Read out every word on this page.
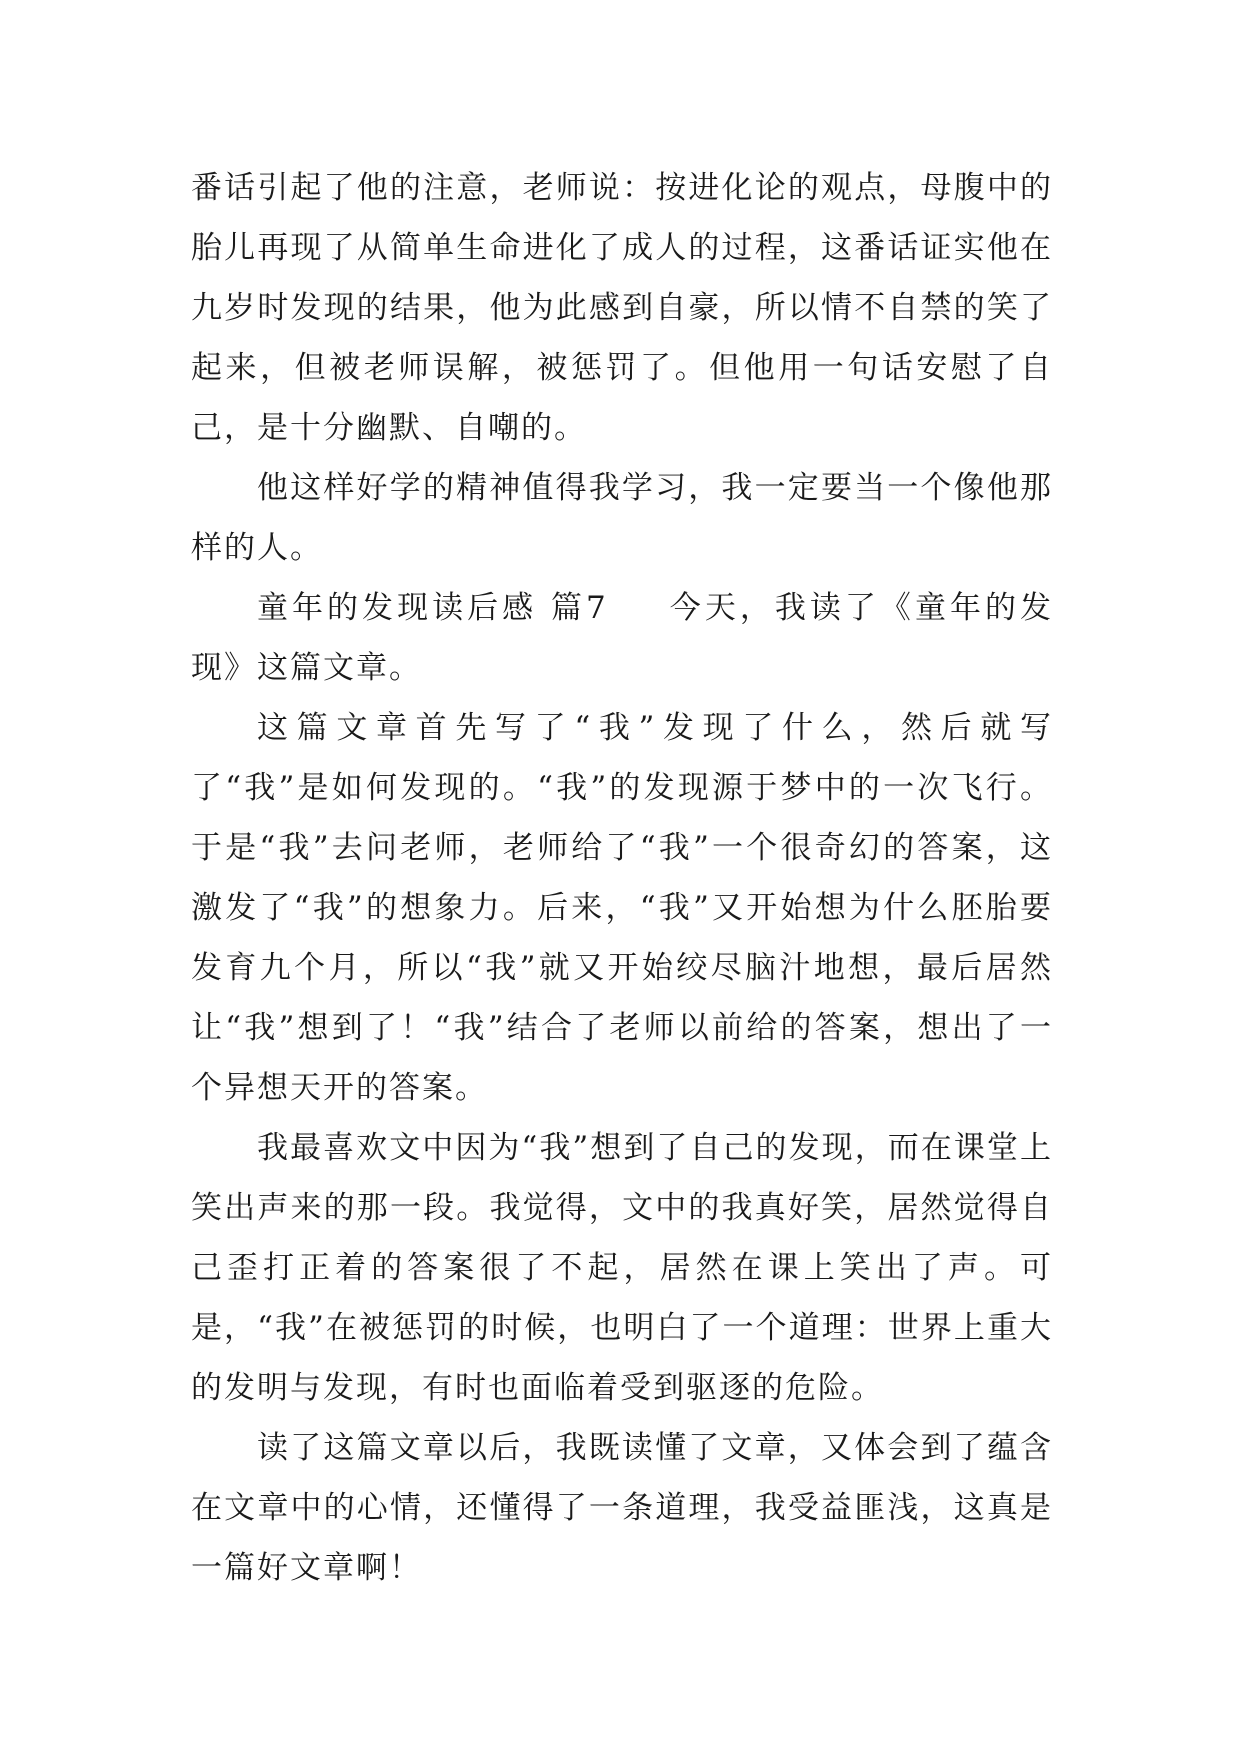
番话引起了他的注意，老师说：按进化论的观点，母腹中的胎儿再现了从简单生命进化了成人的过程，这番话证实他在九岁时发现的结果，他为此感到自豪，所以情不自禁的笑了起来，但被老师误解，被惩罚了。但他用一句话安慰了自己，是十分幽默、自嘲的。

他这样好学的精神值得我学习，我一定要当一个像他那样的人。

童年的发现读后感 篇7 今天，我读了《童年的发现》这篇文章。

这篇文章首先写了“我”发现了什么，然后就写了“我”是如何发现的。“我”的发现源于梦中的一次飞行。于是“我”去问老师，老师给了“我”一个很奇幻的答案，这激发了“我”的想象力。后来，“我”又开始想为什么胚胎要发育九个月，所以“我”就又开始绞尽脑汁地想，最后居然让“我”想到了！“我”结合了老师以前给的答案，想出了一个异想天开的答案。

我最喜欢文中因为“我”想到了自己的发现，而在课堂上笑出声来的那一段。我觉得，文中的我真好笑，居然觉得自己歪打正着的答案很了不起，居然在课上笑出了声。可是，“我”在被惩罚的时候，也明白了一个道理：世界上重大的发明与发现，有时也面临着受到驱逐的危险。

读了这篇文章以后，我既读懂了文章，又体会到了蕴含在文章中的心情，还懂得了一条道理，我受益匪浅，这真是一篇好文章啊！
